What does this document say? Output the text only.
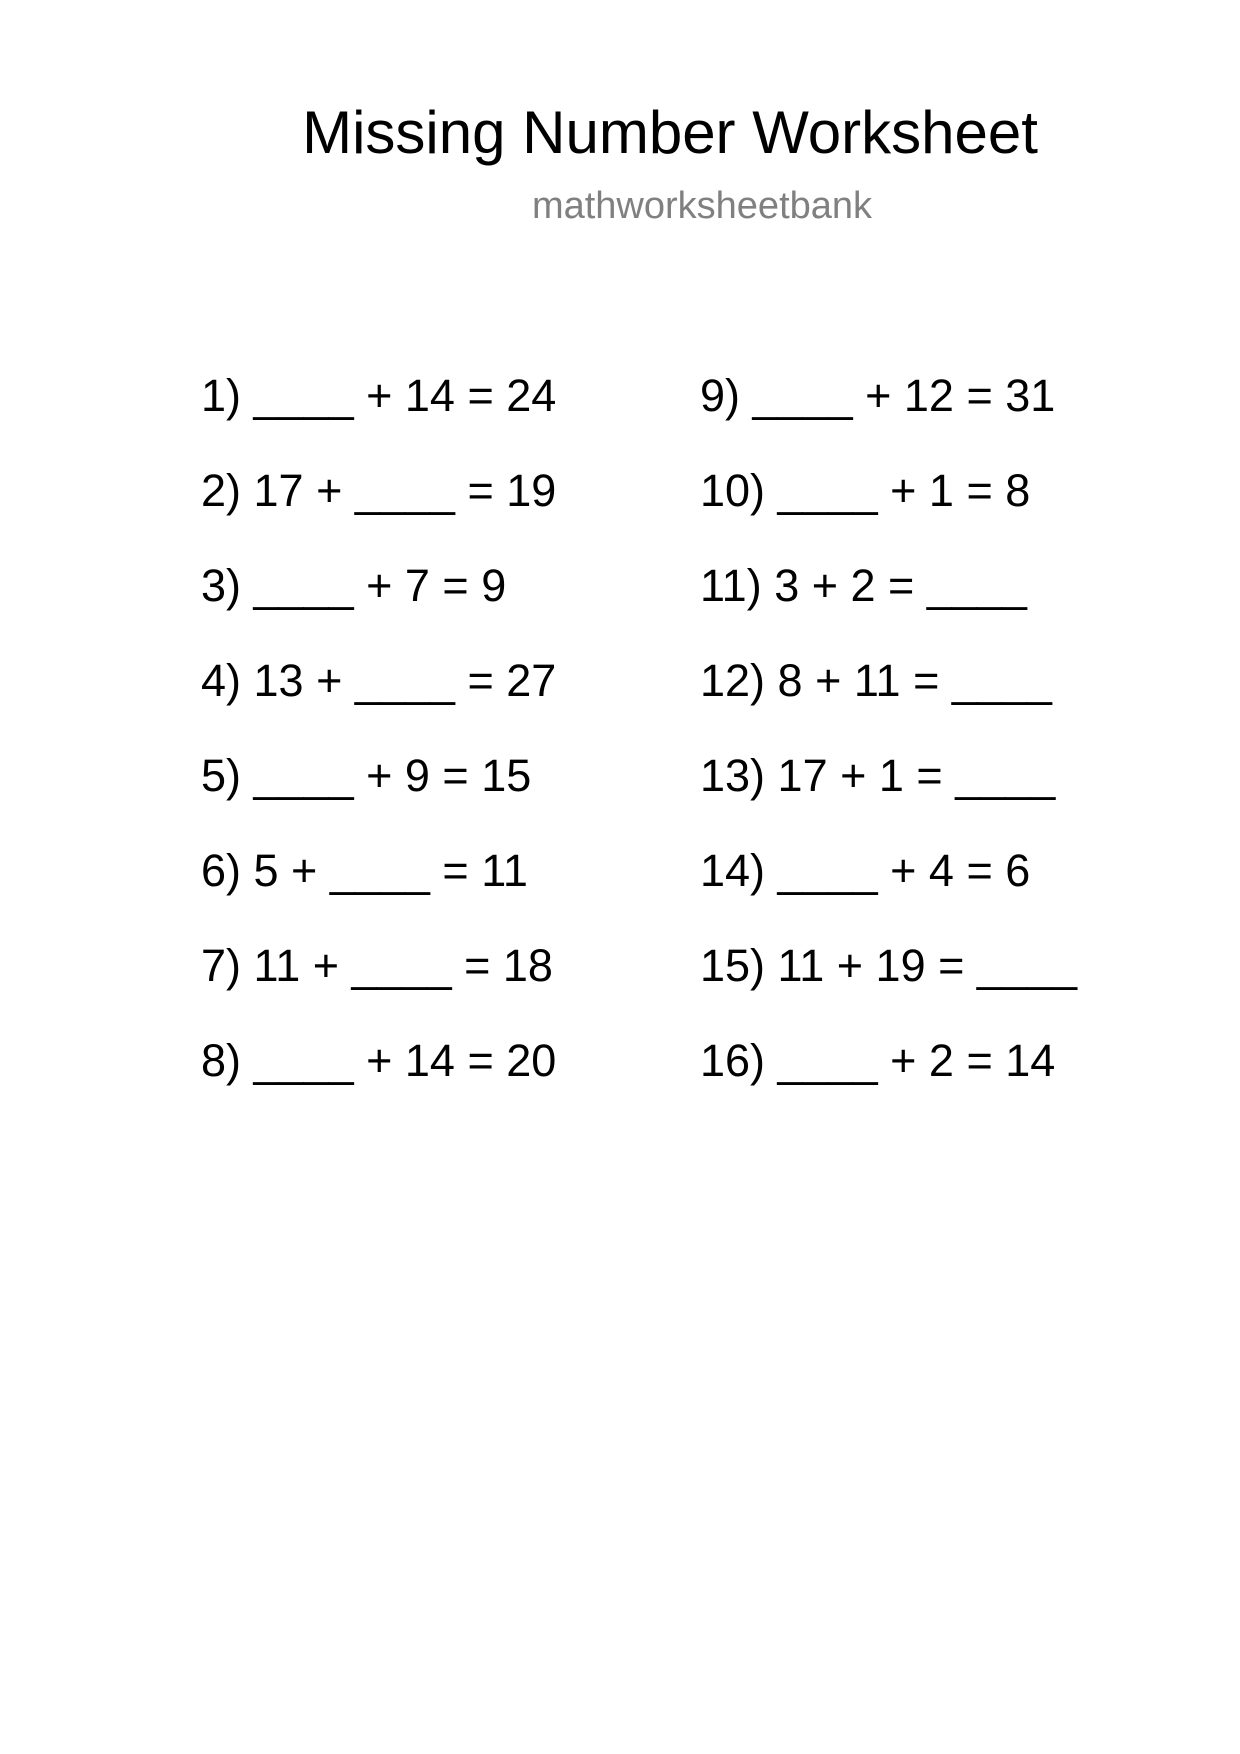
Missing Number Worksheet
mathworksheetbank
1) ____ + 14 = 24
2) 17 + ____ = 19
3) ____ + 7 = 9
4) 13 + ____ = 27
5) ____ + 9 = 15
6) 5 + ____ = 11
7) 11 + ____ = 18
8) ____ + 14 = 20
9) ____ + 12 = 31
10) ____ + 1 = 8
11) 3 + 2 = ____
12) 8 + 11 = ____
13) 17 + 1 = ____
14) ____ + 4 = 6
15) 11 + 19 = ____
16) ____ + 2 = 14
